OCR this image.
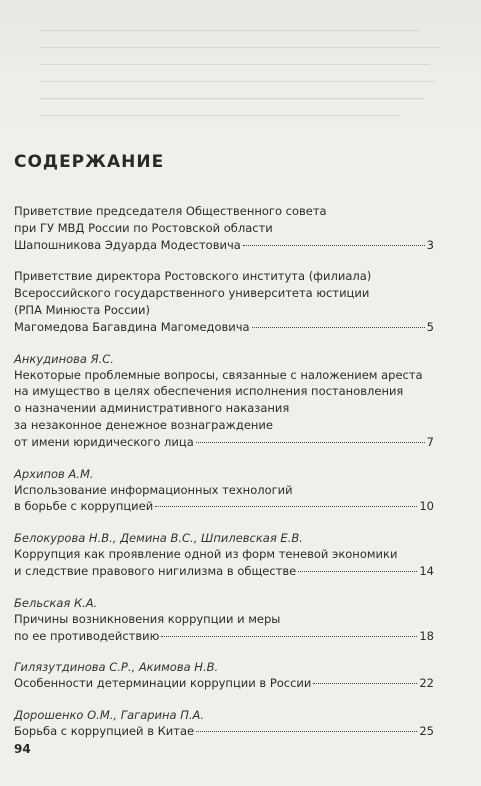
СОДЕРЖАНИЕ
Приветствие председателя Общественного совета
при ГУ МВД России по Ростовской области
Шапошникова Эдуарда Модестовича	3
Приветствие директора Ростовского института (филиала)
Всероссийского государственного университета юстиции
(РПА Минюста России)
Магомедова Багавдина Магомедовича	5
Анкудинова Я.С.
Некоторые проблемные вопросы, связанные с наложением ареста
на имущество в целях обеспечения исполнения постановления
о назначении административного наказания
за незаконное денежное вознаграждение
от имени юридического лица	7
Архипов А.М.
Использование информационных технологий
в борьбе с коррупцией	10
Белокурова Н.В., Демина В.С., Шпилевская Е.В.
Коррупция как проявление одной из форм теневой экономики
и следствие правового нигилизма в обществе	14
Бельская К.А.
Причины возникновения коррупции и меры
по ее противодействию	18
Гилязутдинова С.Р., Акимова Н.В.
Особенности детерминации коррупции в России	22
Дорошенко О.М., Гагарина П.А.
Борьба с коррупцией в Китае	25
94
